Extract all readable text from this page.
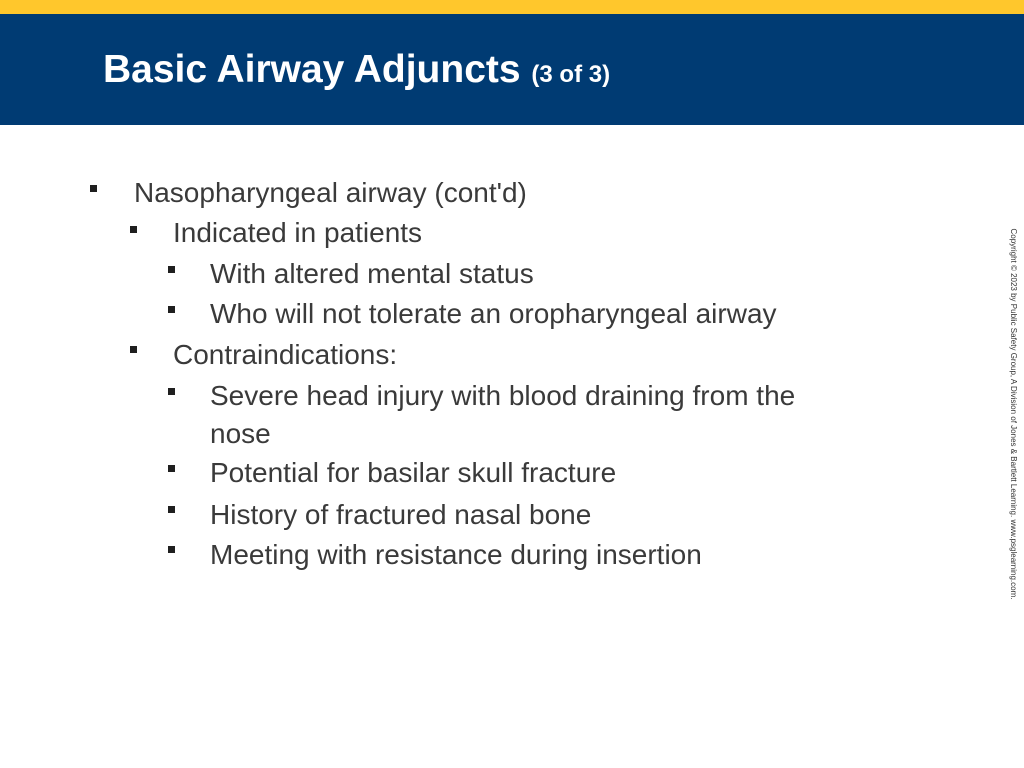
Basic Airway Adjuncts (3 of 3)
Nasopharyngeal airway (cont'd)
Indicated in patients
With altered mental status
Who will not tolerate an oropharyngeal airway
Contraindications:
Severe head injury with blood draining from the
nose
Potential for basilar skull fracture
History of fractured nasal bone
Meeting with resistance during insertion	Copyright © 2023 by Public Safety Group, A Division of Jones & Bartlett Learning. www.psglearning.com.
